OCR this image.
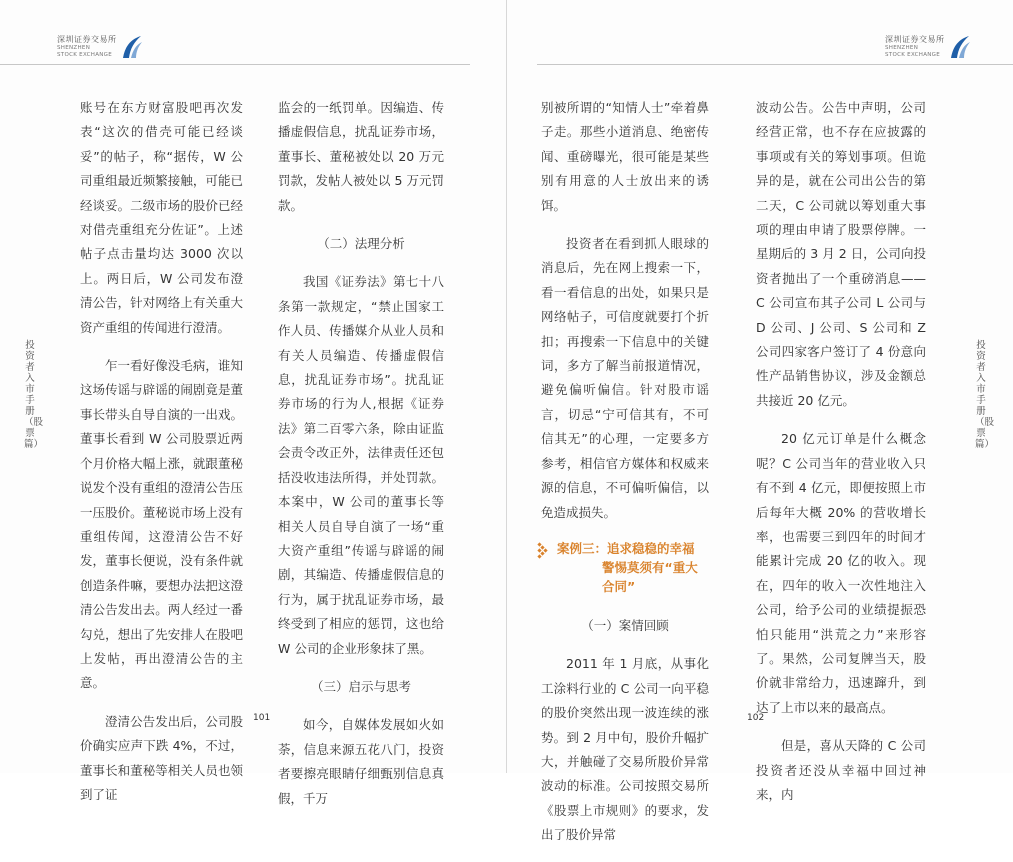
深圳证券交易所
SHENZHEN
STOCK EXCHANGE
投资者入市手册（股票篇）

账号在东方财富股吧再次发表“这次的借壳可能已经谈妥”的帖子，称“据传，W 公司重组最近频繁接触，可能已经谈妥。二级市场的股价已经对借壳重组充分佐证”。上述帖子点击量均达 3000 次以上。两日后，W 公司发布澄清公告，针对网络上有关重大资产重组的传闻进行澄清。

乍一看好像没毛病，谁知这场传谣与辟谣的闹剧竟是董事长带头自导自演的一出戏。董事长看到 W 公司股票近两个月价格大幅上涨，就跟董秘说发个没有重组的澄清公告压一压股价。董秘说市场上没有重组传闻，这澄清公告不好发，董事长便说，没有条件就创造条件嘛，要想办法把这澄清公告发出去。两人经过一番勾兑，想出了先安排人在股吧上发帖，再出澄清公告的主意。

澄清公告发出后，公司股价确实应声下跌 4%，不过，董事长和董秘等相关人员也领到了证

监会的一纸罚单。因编造、传播虚假信息，扰乱证券市场，董事长、董秘被处以 20 万元罚款，发帖人被处以 5 万元罚款。

（二）法理分析

我国《证券法》第七十八条第一款规定，“禁止国家工作人员、传播媒介从业人员和有关人员编造、传播虚假信息，扰乱证券市场”。扰乱证券市场的行为人,根据《证券法》第二百零六条，除由证监会责令改正外，法律责任还包括没收违法所得，并处罚款。本案中，W 公司的董事长等相关人员自导自演了一场“重大资产重组”传谣与辟谣的闹剧，其编造、传播虚假信息的行为，属于扰乱证券市场，最终受到了相应的惩罚，这也给 W 公司的企业形象抹了黑。

（三）启示与思考

如今，自媒体发展如火如荼，信息来源五花八门，投资者要擦亮眼睛仔细甄别信息真假，千万

101
深圳证券交易所
SHENZHEN
STOCK EXCHANGE
投资者入市手册（股票篇）

别被所谓的“知情人士”牵着鼻子走。那些小道消息、绝密传闻、重磅曝光，很可能是某些别有用意的人士放出来的诱饵。

投资者在看到抓人眼球的消息后，先在网上搜索一下，看一看信息的出处，如果只是网络帖子，可信度就要打个折扣；再搜索一下信息中的关键词，多方了解当前报道情况，避免偏听偏信。针对股市谣言，切忌“宁可信其有，不可信其无”的心理，一定要多方参考，相信官方媒体和权威来源的信息，不可偏听偏信，以免造成损失。

案例三：追求稳稳的幸福
警惕莫须有“重大
合同”

（一）案情回顾

2011 年 1 月底，从事化工涂料行业的 C 公司一向平稳的股价突然出现一波连续的涨势。到 2 月中旬，股价升幅扩大，并触碰了交易所股价异常波动的标准。公司按照交易所《股票上市规则》的要求，发出了股价异常

波动公告。公告中声明，公司经营正常，也不存在应披露的事项或有关的筹划事项。但诡异的是，就在公司出公告的第二天，C 公司就以筹划重大事项的理由申请了股票停牌。一星期后的 3 月 2 日，公司向投资者抛出了一个重磅消息——C 公司宣布其子公司 L 公司与 D 公司、J 公司、S 公司和 Z 公司四家客户签订了 4 份意向性产品销售协议，涉及金额总共接近 20 亿元。

20 亿元订单是什么概念呢？C 公司当年的营业收入只有不到 4 亿元，即便按照上市后每年大概 20% 的营收增长率，也需要三到四年的时间才能累计完成 20 亿的收入。现在，四年的收入一次性地注入公司，给予公司的业绩提振恐怕只能用“洪荒之力”来形容了。果然，公司复牌当天，股价就非常给力，迅速蹿升，到达了上市以来的最高点。

但是，喜从天降的 C 公司投资者还没从幸福中回过神来，内

102
